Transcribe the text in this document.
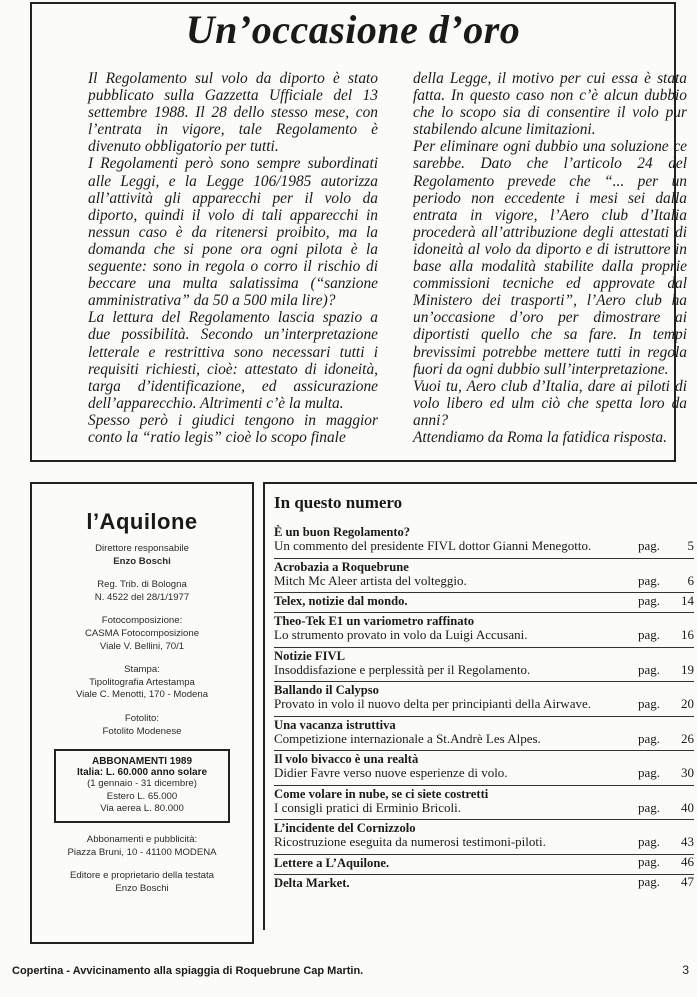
Un’occasione d’oro

Il Regolamento sul volo da diporto è stato pubblicato sulla Gazzetta Ufficiale del 13 settembre 1988. Il 28 dello stesso mese, con l’entrata in vigore, tale Regolamento è divenuto obbligatorio per tutti.

I Regolamenti però sono sempre subordinati alle Leggi, e la Legge 106/1985 autorizza all’attività gli apparecchi per il volo da diporto, quindi il volo di tali apparecchi in nessun caso è da ritenersi proibito, ma la domanda che si pone ora ogni pilota è la seguente: sono in regola o corro il rischio di beccare una multa salatissima (“sanzione amministrativa” da 50 a 500 mila lire)?

La lettura del Regolamento lascia spazio a due possibilità. Secondo un’interpretazione letterale e restrittiva sono necessari tutti i requisiti richiesti, cioè: attestato di idoneità, targa d’identificazione, ed assicurazione dell’apparecchio. Altrimenti c’è la multa.

Spesso però i giudici tengono in maggior conto la “ratio legis” cioè lo scopo finale

della Legge, il motivo per cui essa è stata fatta. In questo caso non c’è alcun dubbio che lo scopo sia di consentire il volo pur stabilendo alcune limitazioni.

Per eliminare ogni dubbio una soluzione ce sarebbe. Dato che l’articolo 24 del Regolamento prevede che “... per un periodo non eccedente i mesi sei dalla entrata in vigore, l’Aero club d’Italia procederà all’attribuzione degli attestati di idoneità al volo da diporto e di istruttore in base alla modalità stabilite dalla proprie commissioni tecniche ed approvate dal Ministero dei trasporti”, l’Aero club ha un’occasione d’oro per dimostrare ai diportisti quello che sa fare. In tempi brevissimi potrebbe mettere tutti in regola fuori da ogni dubbio sull’interpretazione.

Vuoi tu, Aero club d’Italia, dare ai piloti di volo libero ed ulm ciò che spetta loro da anni?

Attendiamo da Roma la fatidica risposta.

l’Aquilone
Direttore responsabile
Enzo Boschi
Reg. Trib. di Bologna
N. 4522 del 28/1/1977
Fotocomposizione:
CASMA Fotocomposizione
Viale V. Bellini, 70/1
Stampa:
Tipolitografia Artestampa
Viale C. Menotti, 170 - Modena
Fotolito:
Fotolito Modenese
ABBONAMENTI 1989
Italia: L. 60.000 anno solare
(1 gennaio - 31 dicembre)
Estero L. 65.000
Via aerea L. 80.000
Abbonamenti e pubblicità:
Piazza Bruni, 10 - 41100 MODENA
Editore e proprietario della testata
Enzo Boschi
In questo numero
È un buon Regolamento?
Un commento del presidente FIVL dottor Gianni Menegotto.	pag. 5
Acrobazia a Roquebrune
Mitch Mc Aleer artista del volteggio.	pag. 6
Telex, notizie dal mondo.	pag. 14
Theo-Tek E1 un variometro raffinato
Lo strumento provato in volo da Luigi Accusani.	pag. 16
Notizie FIVL
Insoddisfazione e perplessità per il Regolamento.	pag. 19
Ballando il Calypso
Provato in volo il nuovo delta per principianti della Airwave.	pag. 20
Una vacanza istruttiva
Competizione internazionale a St.Andrè Les Alpes.	pag. 26
Il volo bivacco è una realtà
Didier Favre verso nuove esperienze di volo.	pag. 30
Come volare in nube, se ci siete costretti
I consigli pratici di Erminio Bricoli.	pag. 40
L’incidente del Cornizzolo
Ricostruzione eseguita da numerosi testimoni-piloti.	pag. 43
Lettere a L’Aquilone.	pag. 46
Delta Market.	pag. 47
Copertina - Avvicinamento alla spiaggia di Roquebrune Cap Martin.	3
